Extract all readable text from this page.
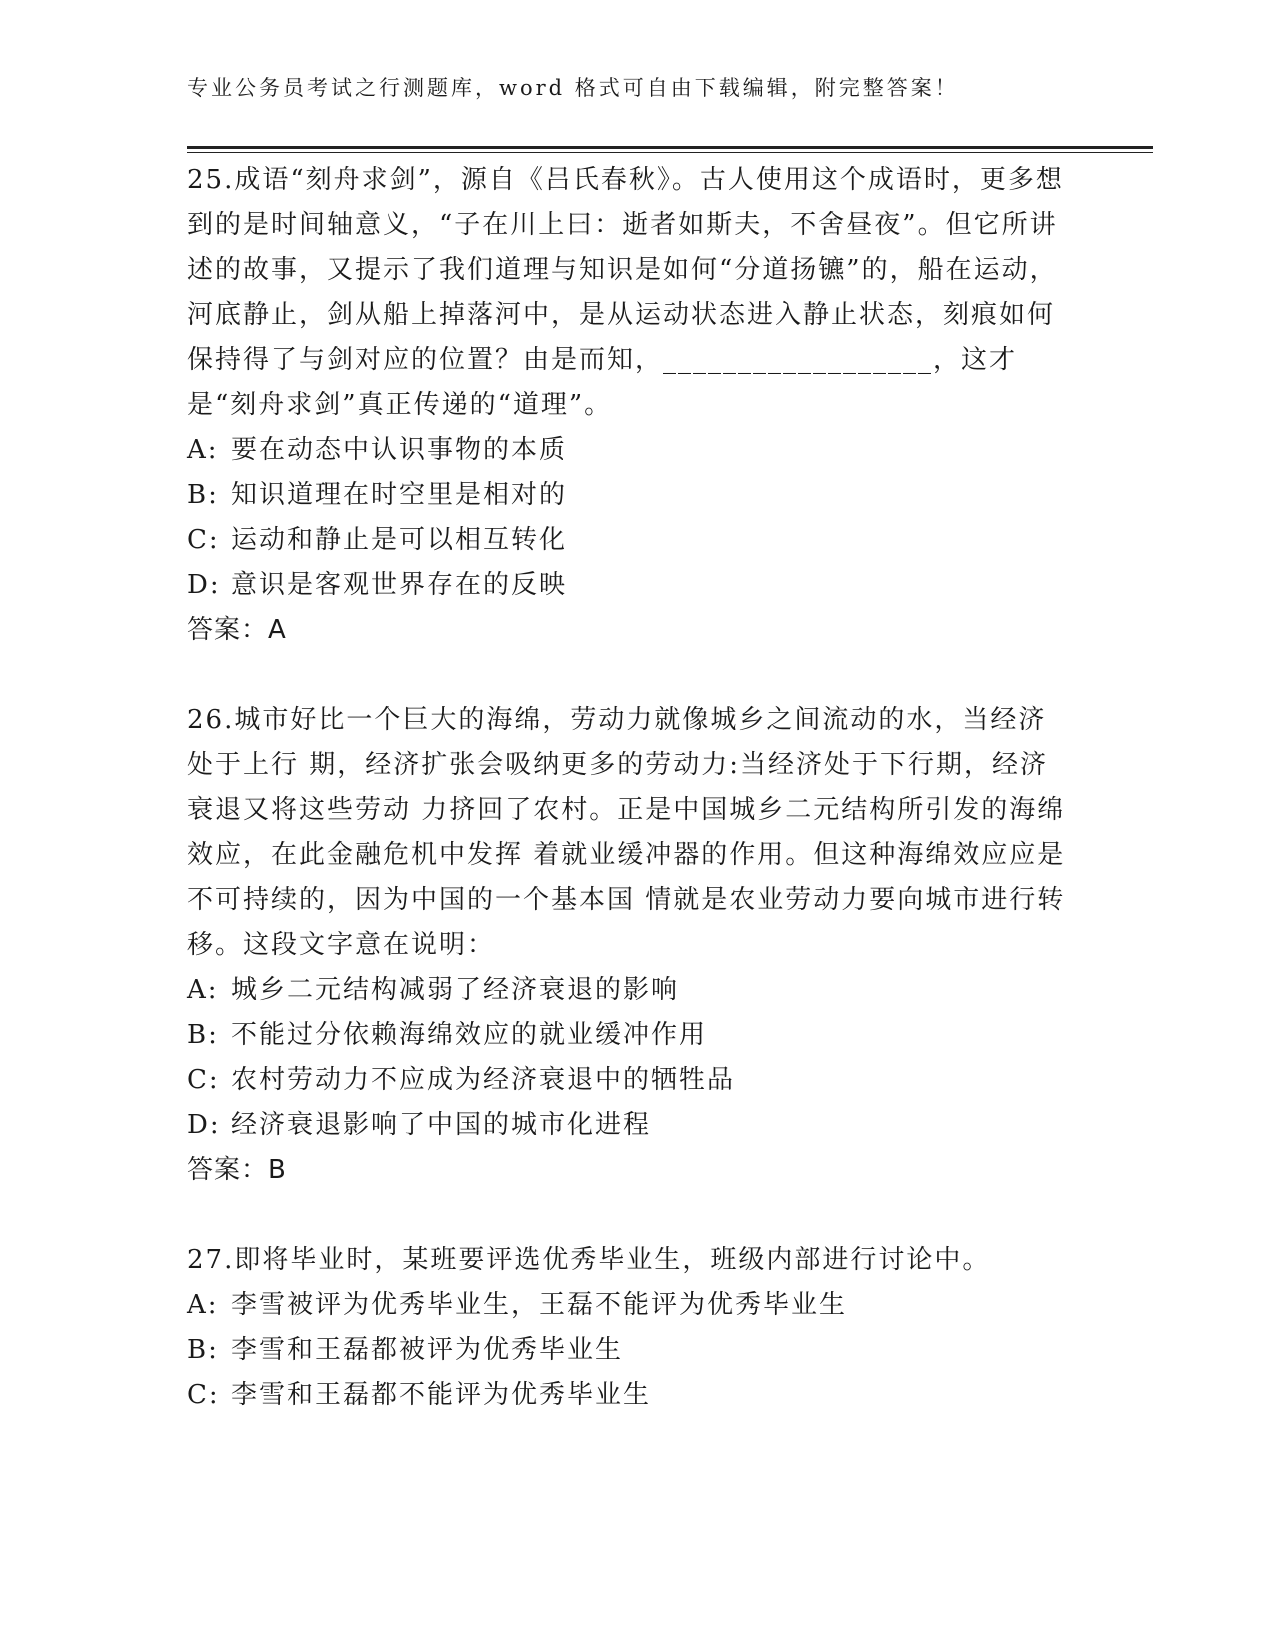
专业公务员考试之行测题库，word 格式可自由下载编辑，附完整答案！

25.成语“刻舟求剑”，源自《吕氏春秋》。古人使用这个成语时，更多想到的是时间轴意义，“子在川上曰：逝者如斯夫，不舍昼夜”。但它所讲述的故事，又提示了我们道理与知识是如何“分道扬镳”的，船在运动，河底静止，剑从船上掉落河中，是从运动状态进入静止状态，刻痕如何保持得了与剑对应的位置？由是而知，__________________，这才是“刻舟求剑”真正传递的“道理”。

A: 要在动态中认识事物的本质

B: 知识道理在时空里是相对的

C: 运动和静止是可以相互转化

D: 意识是客观世界存在的反映

答案：A

26.城市好比一个巨大的海绵，劳动力就像城乡之间流动的水，当经济处于上行 期，经济扩张会吸纳更多的劳动力:当经济处于下行期，经济衰退又将这些劳动 力挤回了农村。正是中国城乡二元结构所引发的海绵效应，在此金融危机中发挥 着就业缓冲器的作用。但这种海绵效应应是不可持续的，因为中国的一个基本国 情就是农业劳动力要向城市进行转移。这段文字意在说明：

A: 城乡二元结构减弱了经济衰退的影响

B: 不能过分依赖海绵效应的就业缓冲作用

C: 农村劳动力不应成为经济衰退中的牺牲品

D: 经济衰退影响了中国的城市化进程

答案：B

27.即将毕业时，某班要评选优秀毕业生，班级内部进行讨论中。

A: 李雪被评为优秀毕业生，王磊不能评为优秀毕业生

B: 李雪和王磊都被评为优秀毕业生

C: 李雪和王磊都不能评为优秀毕业生
